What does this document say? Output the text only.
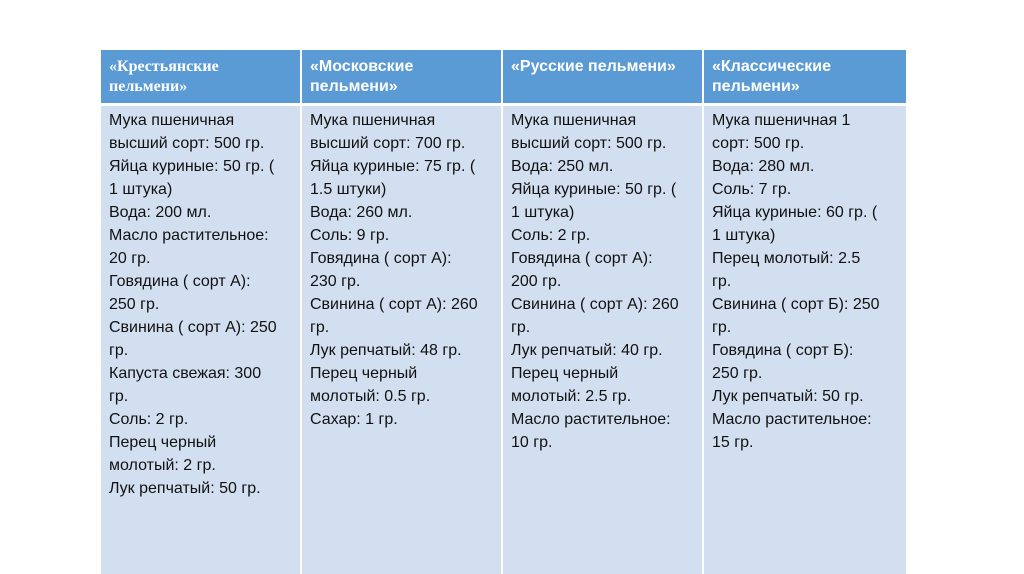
«Крестьянские
пельмени»
«Московские
пельмени»
«Русские пельмени»	«Классические
пельмени»
Мука пшеничная
высший сорт: 500 гр.
Яйца куриные: 50 гр. (
1 штука)
Вода: 200 мл.
Масло растительное:
20 гр.
Говядина ( сорт А):
250 гр.
Свинина ( сорт А): 250
гр.
Капуста свежая: 300
гр.
Соль: 2 гр.
Перец черный
молотый: 2 гр.
Лук репчатый: 50 гр.
Мука пшеничная
высший сорт: 700 гр.
Яйца куриные: 75 гр. (
1.5 штуки)
Вода: 260 мл.
Соль: 9 гр.
Говядина ( сорт А):
230 гр.
Свинина ( сорт А): 260
гр.
Лук репчатый: 48 гр.
Перец черный
молотый: 0.5 гр.
Сахар: 1 гр.
Мука пшеничная
высший сорт: 500 гр.
Вода: 250 мл.
Яйца куриные: 50 гр. (
1 штука)
Соль: 2 гр.
Говядина ( сорт А):
200 гр.
Свинина ( сорт А): 260
гр.
Лук репчатый: 40 гр.
Перец черный
молотый: 2.5 гр.
Масло растительное:
10 гр.
Мука пшеничная 1
сорт: 500 гр.
Вода: 280 мл.
Соль: 7 гр.
Яйца куриные: 60 гр. (
1 штука)
Перец молотый: 2.5
гр.
Свинина ( сорт Б): 250
гр.
Говядина ( сорт Б):
250 гр.
Лук репчатый: 50 гр.
Масло растительное:
15 гр.
